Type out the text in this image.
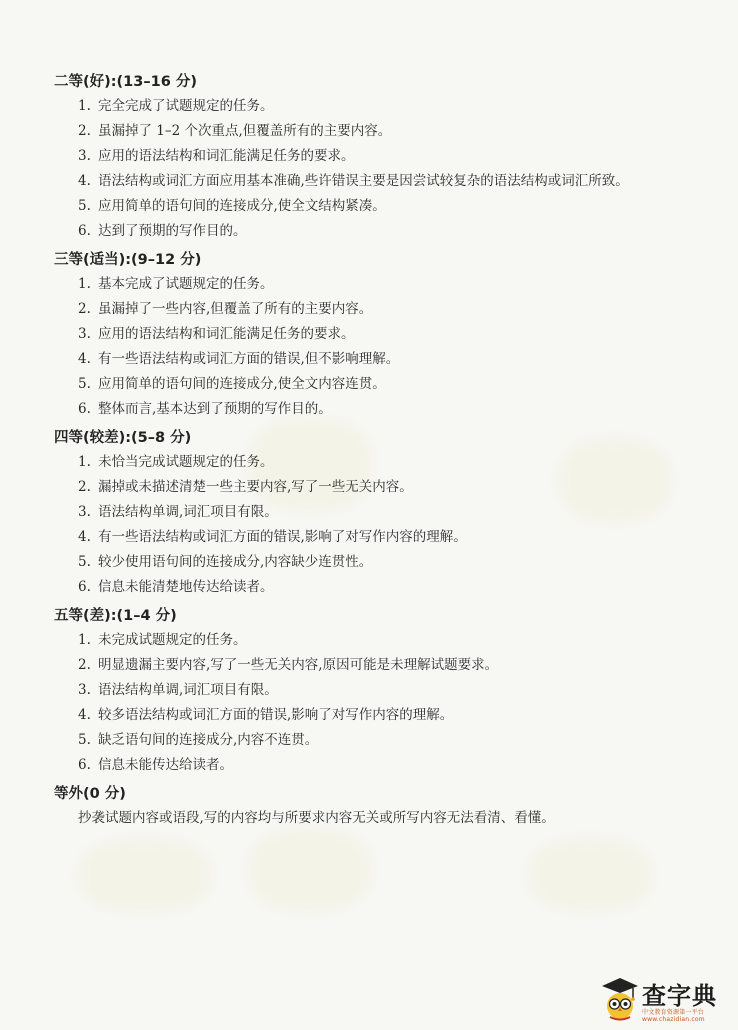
二等(好):(13–16 分)
1. 完全完成了试题规定的任务。
2. 虽漏掉了 1–2 个次重点,但覆盖所有的主要内容。
3. 应用的语法结构和词汇能满足任务的要求。
4. 语法结构或词汇方面应用基本准确,些许错误主要是因尝试较复杂的语法结构或词汇所致。
5. 应用简单的语句间的连接成分,使全文结构紧凑。
6. 达到了预期的写作目的。
三等(适当):(9–12 分)
1. 基本完成了试题规定的任务。
2. 虽漏掉了一些内容,但覆盖了所有的主要内容。
3. 应用的语法结构和词汇能满足任务的要求。
4. 有一些语法结构或词汇方面的错误,但不影响理解。
5. 应用简单的语句间的连接成分,使全文内容连贯。
6. 整体而言,基本达到了预期的写作目的。
四等(较差):(5–8 分)
1. 未恰当完成试题规定的任务。
2. 漏掉或未描述清楚一些主要内容,写了一些无关内容。
3. 语法结构单调,词汇项目有限。
4. 有一些语法结构或词汇方面的错误,影响了对写作内容的理解。
5. 较少使用语句间的连接成分,内容缺少连贯性。
6. 信息未能清楚地传达给读者。
五等(差):(1–4 分)
1. 未完成试题规定的任务。
2. 明显遗漏主要内容,写了一些无关内容,原因可能是未理解试题要求。
3. 语法结构单调,词汇项目有限。
4. 较多语法结构或词汇方面的错误,影响了对写作内容的理解。
5. 缺乏语句间的连接成分,内容不连贯。
6. 信息未能传达给读者。
等外(0 分)
抄袭试题内容或语段,写的内容均与所要求内容无关或所写内容无法看清、看懂。
查字典
中文教育资源第一平台 www.chazidian.com
